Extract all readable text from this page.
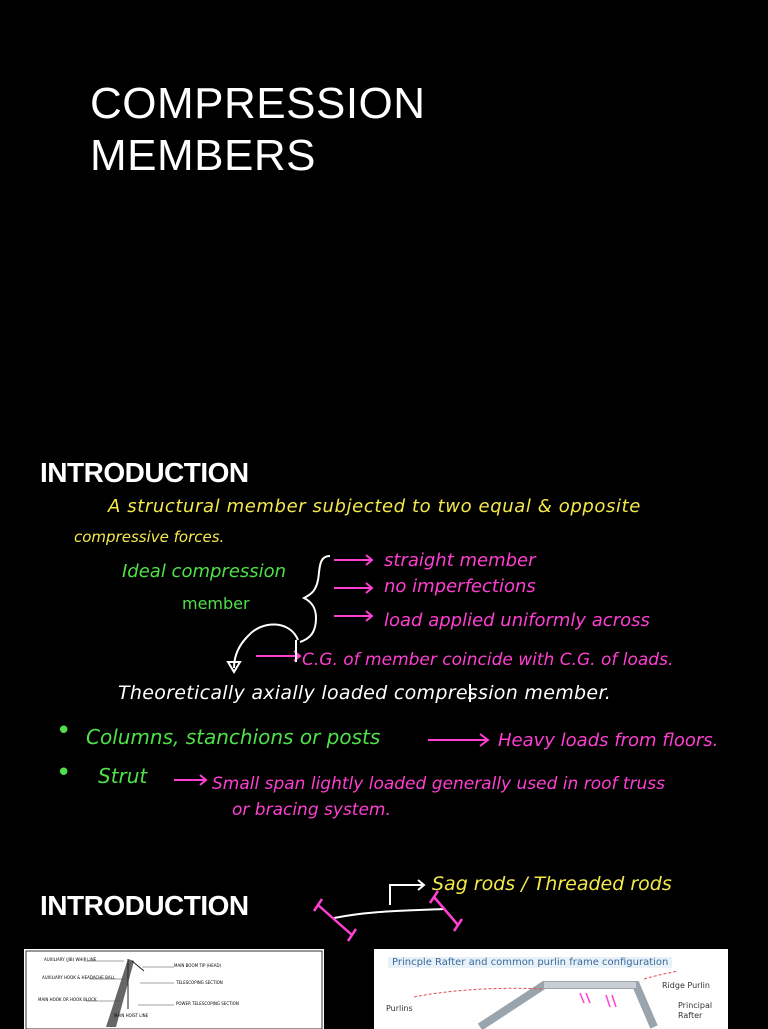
COMPRESSION
MEMBERS
INTRODUCTION
A structural member subjected to two equal & opposite
compressive forces.
Ideal compression
member
straight member
no imperfections
load applied uniformly across
C.G. of member coincide with C.G. of loads.
Theoretically axially loaded compression member.
• Columns, stanchions or posts	Heavy loads from floors.
• Strut	Small span lightly loaded generally used in roof truss
or bracing system.
INTRODUCTION
Sag rods / Threaded rods
AUXILIARY (JIB) WHIP LINE
MAIN BOOM TIP (HEAD)
AUXILIARY HOOK & HEADACHE BALL
TELESCOPING SECTION
MAIN HOOK OR HOOK BLOCK
POWER TELESCOPING SECTION
MAIN HOIST LINE
Princple Rafter and common purlin frame configuration
Ridge Purlin
Purlins	Principal Rafter
